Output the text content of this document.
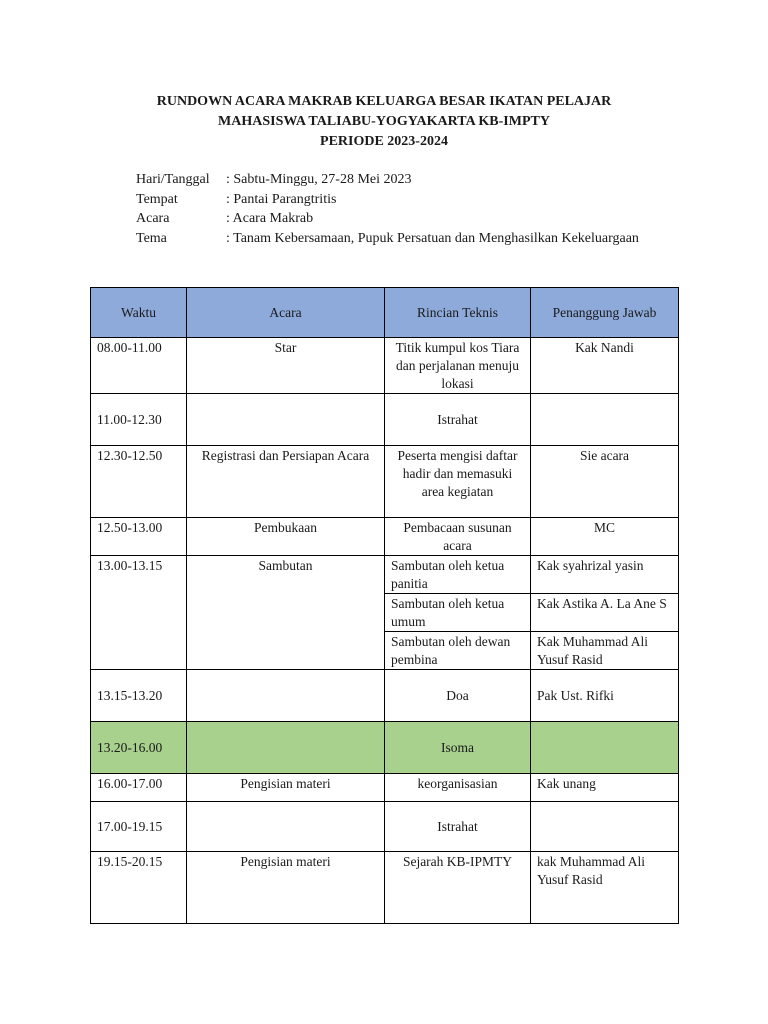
RUNDOWN ACARA MAKRAB KELUARGA BESAR IKATAN PELAJAR
MAHASISWA TALIABU-YOGYAKARTA KB-IMPTY
PERIODE 2023-2024
Hari/Tanggal	: Sabtu-Minggu, 27-28 Mei 2023
Tempat	: Pantai Parangtritis
Acara	: Acara Makrab
Tema	: Tanam Kebersamaan, Pupuk Persatuan dan Menghasilkan Kekeluargaan
Waktu	Acara	Rincian Teknis	Penanggung Jawab
08.00-11.00	Star	Titik kumpul kos Tiara dan perjalanan menuju lokasi	Kak Nandi
11.00-12.30		Istrahat	
12.30-12.50	Registrasi dan Persiapan Acara	Peserta mengisi daftar hadir dan memasuki area kegiatan	Sie acara
12.50-13.00	Pembukaan	Pembacaan susunan acara	MC
13.00-13.15	Sambutan	Sambutan oleh ketua panitia	Kak syahrizal yasin
		Sambutan oleh ketua umum	Kak Astika A. La Ane S
		Sambutan oleh dewan pembina	Kak Muhammad Ali Yusuf Rasid
13.15-13.20		Doa	Pak Ust. Rifki
13.20-16.00		Isoma	
16.00-17.00	Pengisian materi	keorganisasian	Kak unang
17.00-19.15		Istrahat	
19.15-20.15	Pengisian materi	Sejarah KB-IPMTY	kak Muhammad Ali Yusuf Rasid
